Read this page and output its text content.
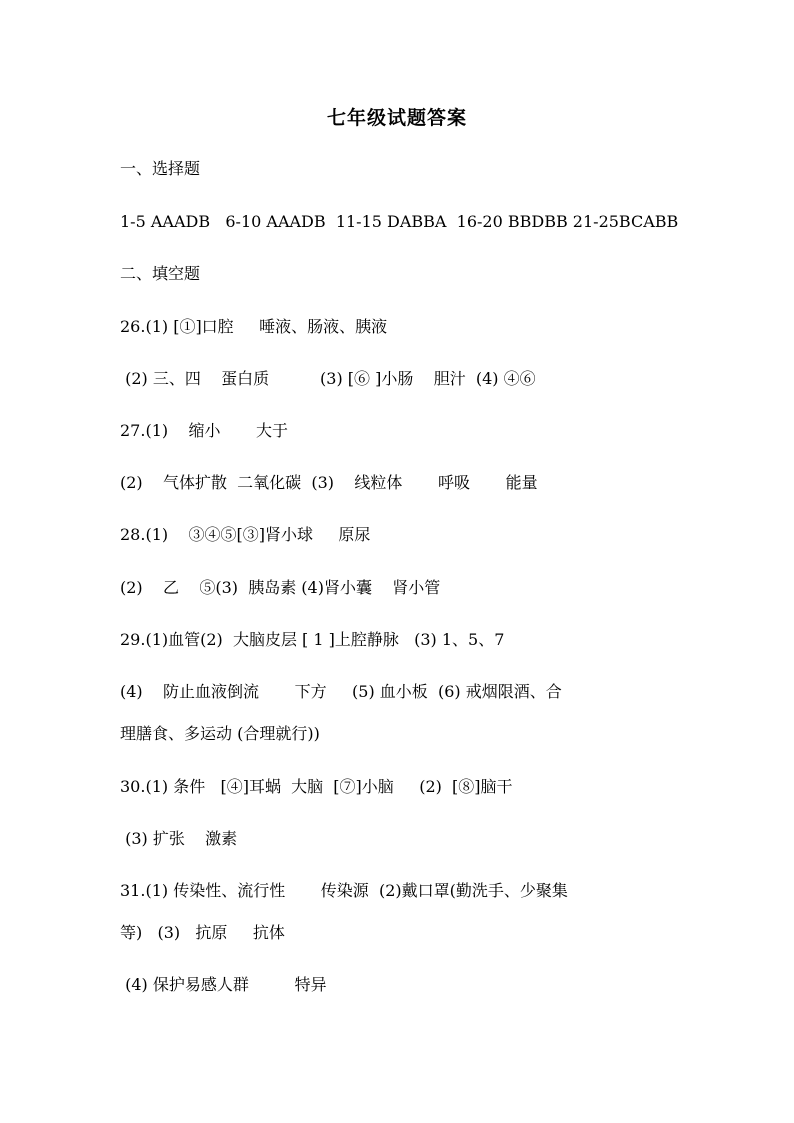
七年级试题答案

一、选择题

1-5 AAADB   6-10 AAADB  11-15 DABBA  16-20 BBDBB 21-25BCABB

二、填空题

26.(1) [①]口腔     唾液、肠液、胰液

(2) 三、四    蛋白质          (3) [⑥ ]小肠    胆汁  (4) ④⑥

27.(1)    缩小       大于

(2)    气体扩散  二氧化碳  (3)    线粒体       呼吸       能量

28.(1)    ③④⑤[③]肾小球     原尿

(2)    乙    ⑤(3)  胰岛素 (4)肾小囊    肾小管

29.(1)血管(2)  大脑皮层 [ 1 ]上腔静脉   (3) 1、5、7

(4)    防止血液倒流       下方     (5) 血小板  (6) 戒烟限酒、合

理膳食、多运动 (合理就行))

30.(1) 条件   [④]耳蜗  大脑  [⑦]小脑     (2)  [⑧]脑干

(3) 扩张    激素

31.(1) 传染性、流行性       传染源  (2)戴口罩(勤洗手、少聚集

等)   (3)   抗原     抗体

(4) 保护易感人群         特异
